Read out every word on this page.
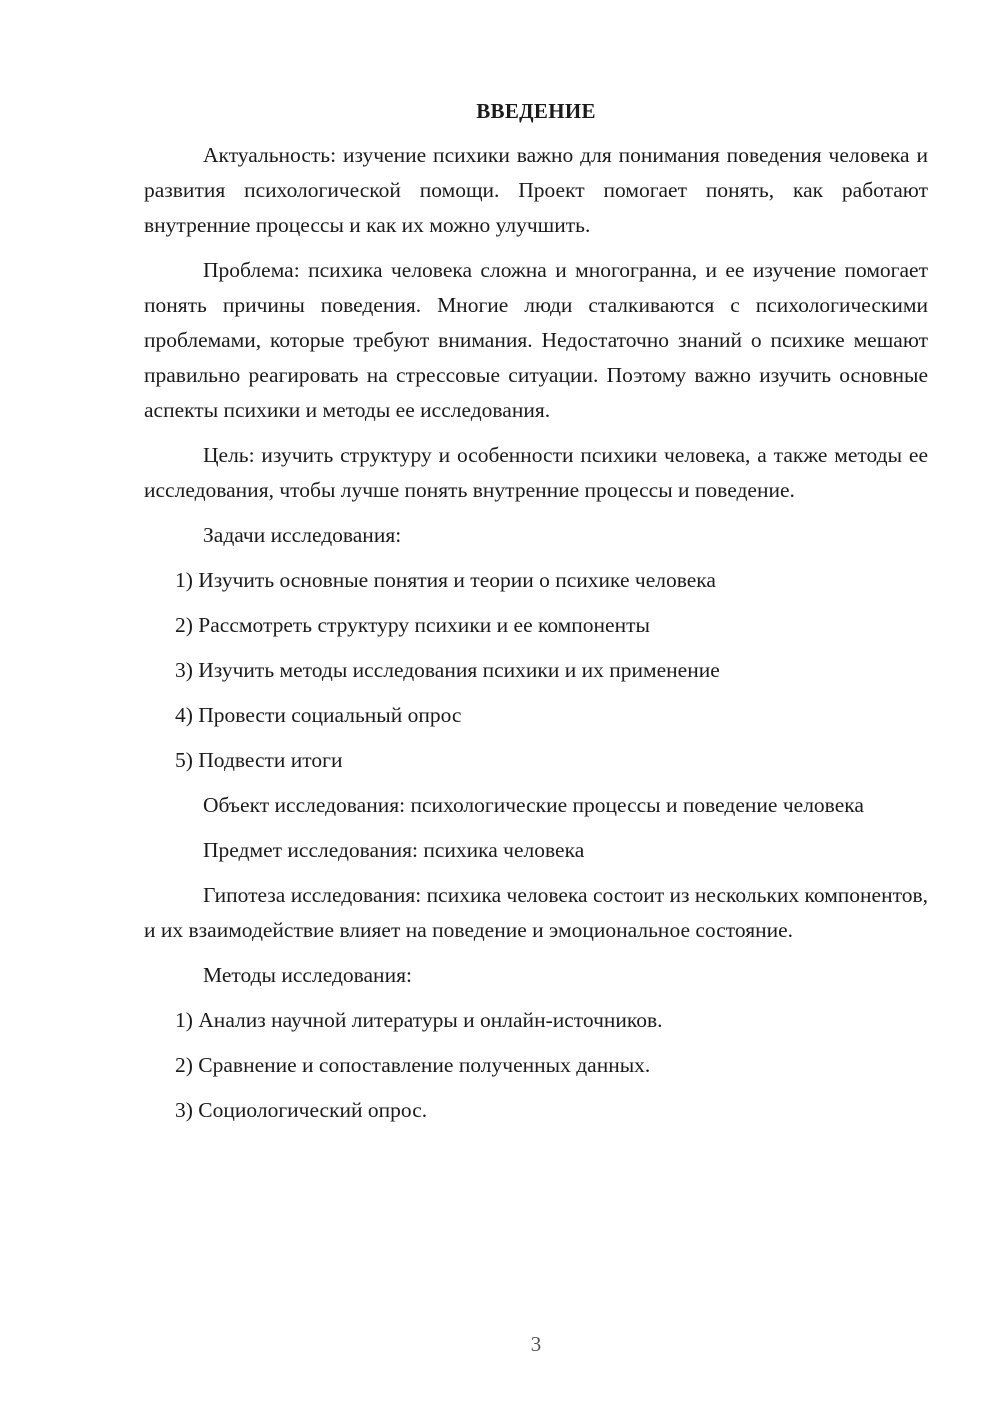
ВВЕДЕНИЕ

Актуальность: изучение психики важно для понимания поведения человека и развития психологической помощи. Проект помогает понять, как работают внутренние процессы и как их можно улучшить.

Проблема: психика человека сложна и многогранна, и ее изучение помогает понять причины поведения. Многие люди сталкиваются с психологическими проблемами, которые требуют внимания. Недостаточно знаний о психике мешают правильно реагировать на стрессовые ситуации. Поэтому важно изучить основные аспекты психики и методы ее исследования.

Цель: изучить структуру и особенности психики человека, а также методы ее исследования, чтобы лучше понять внутренние процессы и поведение.

Задачи исследования:

1) Изучить основные понятия и теории о психике человека

2) Рассмотреть структуру психики и ее компоненты

3) Изучить методы исследования психики и их применение

4) Провести социальный опрос

5) Подвести итоги

Объект исследования: психологические процессы и поведение человека

Предмет исследования: психика человека

Гипотеза исследования: психика человека состоит из нескольких компонентов, и их взаимодействие влияет на поведение и эмоциональное состояние.

Методы исследования:

1) Анализ научной литературы и онлайн-источников.

2) Сравнение и сопоставление полученных данных.

3) Социологический опрос.

3
